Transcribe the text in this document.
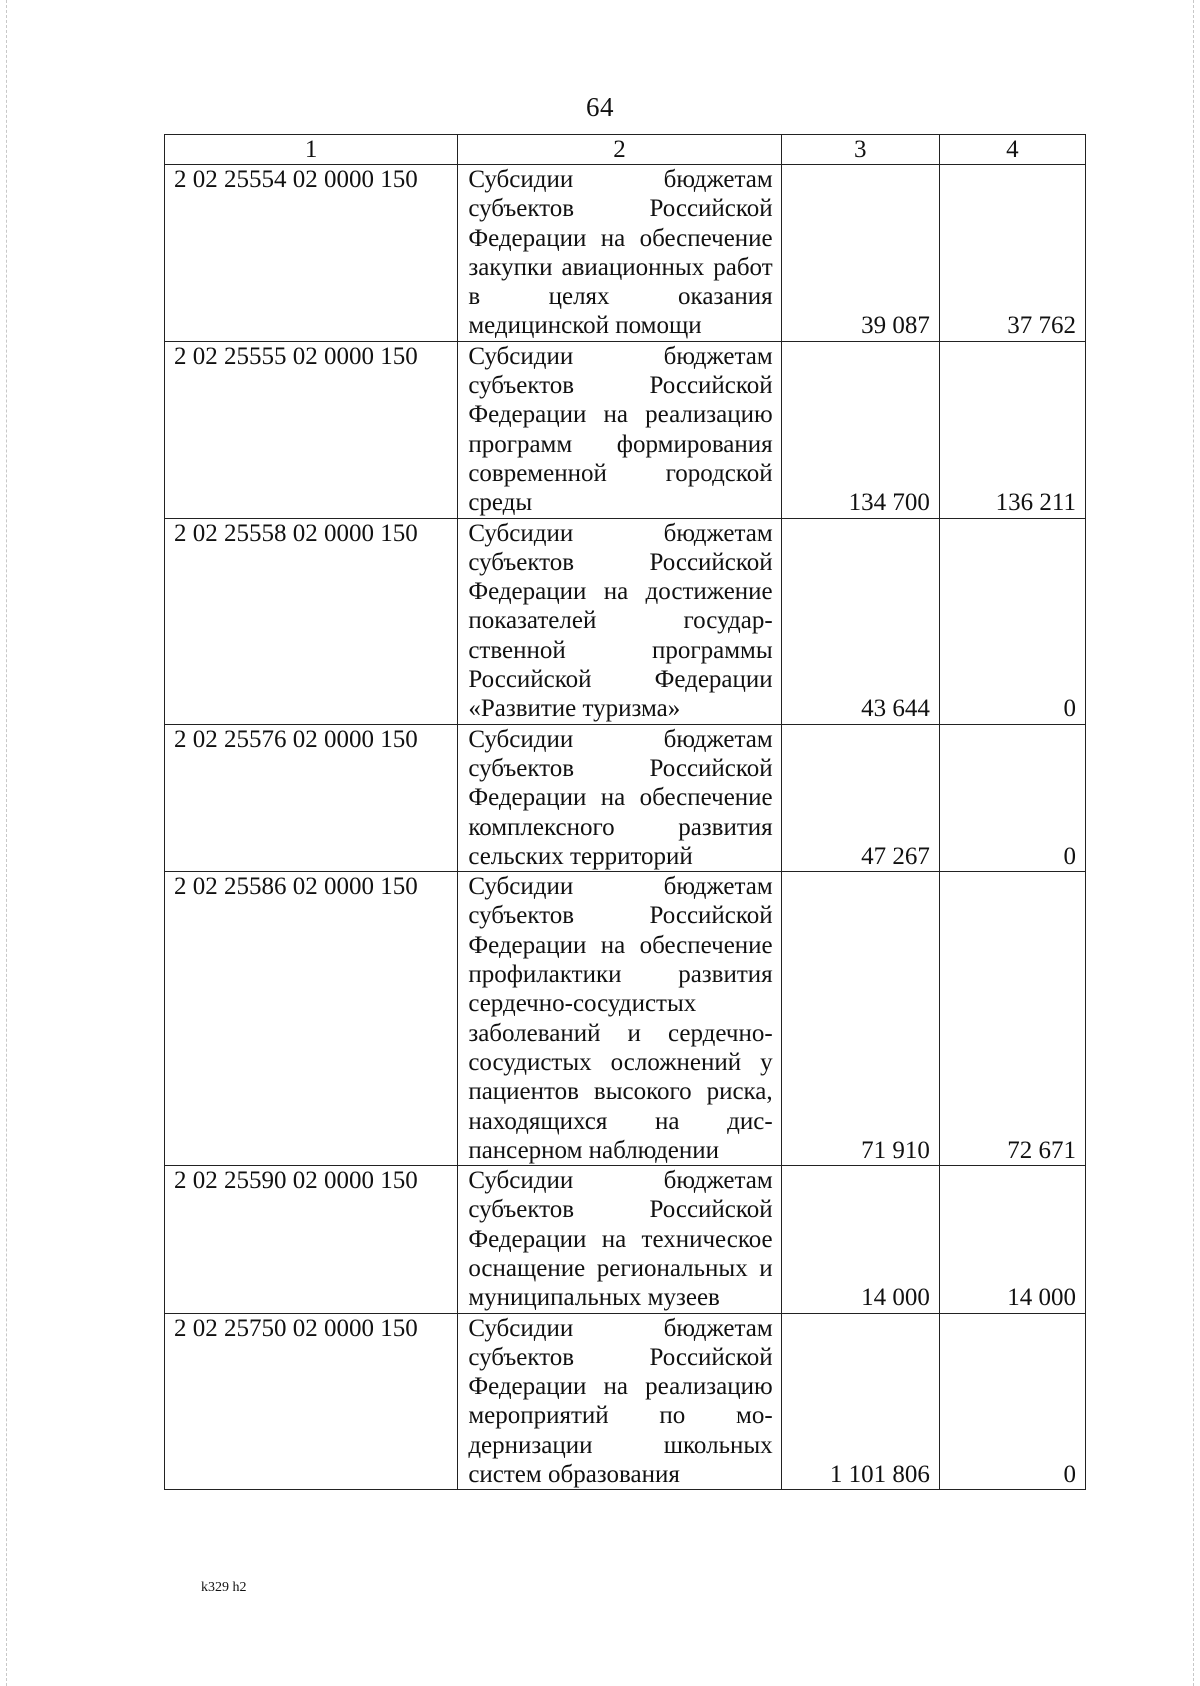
64
1	2	3	4
2 02 25554 02 0000 150	Субсидии бюджетам субъектов Российской Федерации на обеспечение закупки авиационных работ в целях оказания медицинской помощи	39 087	37 762
2 02 25555 02 0000 150	Субсидии бюджетам субъектов Российской Федерации на реализацию программ формирования современной городской среды	134 700	136 211
2 02 25558 02 0000 150	Субсидии бюджетам субъектов Российской Федерации на достижение показателей государственной программы Российской Федерации «Развитие туризма»	43 644	0
2 02 25576 02 0000 150	Субсидии бюджетам субъектов Российской Федерации на обеспечение комплексного развития сельских территорий	47 267	0
2 02 25586 02 0000 150	Субсидии бюджетам субъектов Российской Федерации на обеспечение профилактики развития сердечно-сосудистых заболеваний и сердечно-сосудистых осложнений у пациентов высокого риска, находящихся на диспансерном наблюдении	71 910	72 671
2 02 25590 02 0000 150	Субсидии бюджетам субъектов Российской Федерации на техническое оснащение региональных и муниципальных музеев	14 000	14 000
2 02 25750 02 0000 150	Субсидии бюджетам субъектов Российской Федерации на реализацию мероприятий по модернизации школьных систем образования	1 101 806	0
k329 h2
